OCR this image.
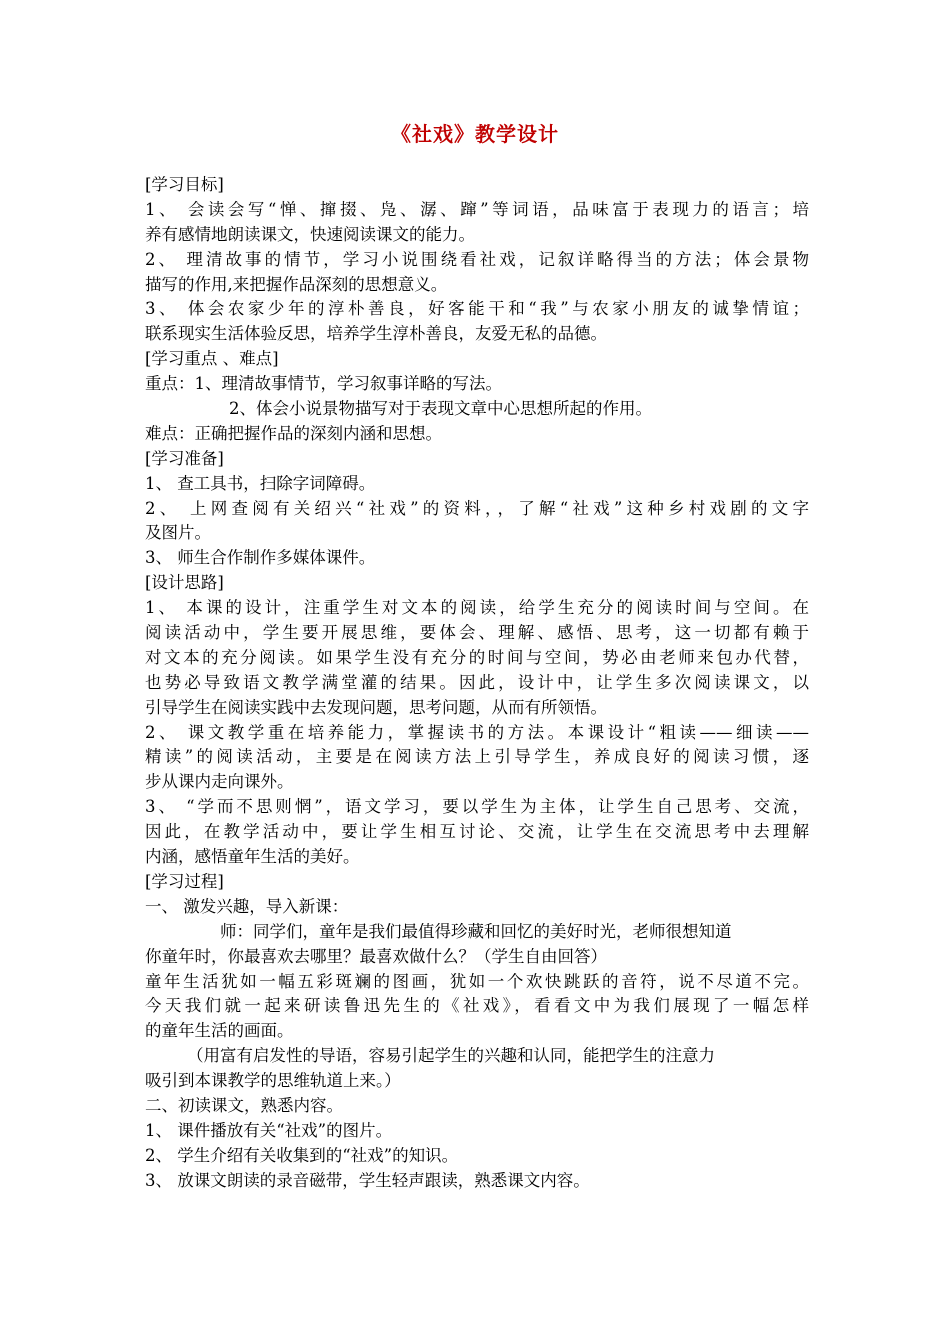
《社戏》教学设计
[学习目标]
1、 会读会写“惮、撺掇、凫、潺、蹿”等词语，品味富于表现力的语言；培
养有感情地朗读课文，快速阅读课文的能力。
2、 理清故事的情节，学习小说围绕看社戏，记叙详略得当的方法；体会景物
描写的作用,来把握作品深刻的思想意义。
3、 体会农家少年的淳朴善良，好客能干和“我”与农家小朋友的诚挚情谊；
联系现实生活体验反思，培养学生淳朴善良，友爱无私的品德。
[学习重点 、难点]
重点：1、理清故事情节，学习叙事详略的写法。
2、体会小说景物描写对于表现文章中心思想所起的作用。
难点：正确把握作品的深刻内涵和思想。
[学习准备]
1、 查工具书，扫除字词障碍。
2、 上网查阅有关绍兴“社戏”的资料，，了解“社戏”这种乡村戏剧的文字
及图片。
3、 师生合作制作多媒体课件。
[设计思路]
1、 本课的设计，注重学生对文本的阅读，给学生充分的阅读时间与空间。在
阅读活动中，学生要开展思维，要体会、理解、感悟、思考，这一切都有赖于
对文本的充分阅读。如果学生没有充分的时间与空间，势必由老师来包办代替，
也势必导致语文教学满堂灌的结果。因此，设计中，让学生多次阅读课文，以
引导学生在阅读实践中去发现问题，思考问题，从而有所领悟。
2、 课文教学重在培养能力，掌握读书的方法。本课设计“粗读——细读——
精读”的阅读活动，主要是在阅读方法上引导学生，养成良好的阅读习惯，逐
步从课内走向课外。
3、 “学而不思则惘”，语文学习，要以学生为主体，让学生自己思考、交流，
因此，在教学活动中，要让学生相互讨论、交流，让学生在交流思考中去理解
内涵，感悟童年生活的美好。
[学习过程]
一、 激发兴趣，导入新课：
师：同学们，童年是我们最值得珍藏和回忆的美好时光，老师很想知道
你童年时，你最喜欢去哪里？最喜欢做什么？（学生自由回答）
童年生活犹如一幅五彩斑斓的图画，犹如一个欢快跳跃的音符，说不尽道不完。
今天我们就一起来研读鲁迅先生的《社戏》，看看文中为我们展现了一幅怎样
的童年生活的画面。
（用富有启发性的导语，容易引起学生的兴趣和认同，能把学生的注意力
吸引到本课教学的思维轨道上来。）
二、初读课文，熟悉内容。
1、 课件播放有关“社戏”的图片。
2、 学生介绍有关收集到的“社戏”的知识。
3、 放课文朗读的录音磁带，学生轻声跟读，熟悉课文内容。
